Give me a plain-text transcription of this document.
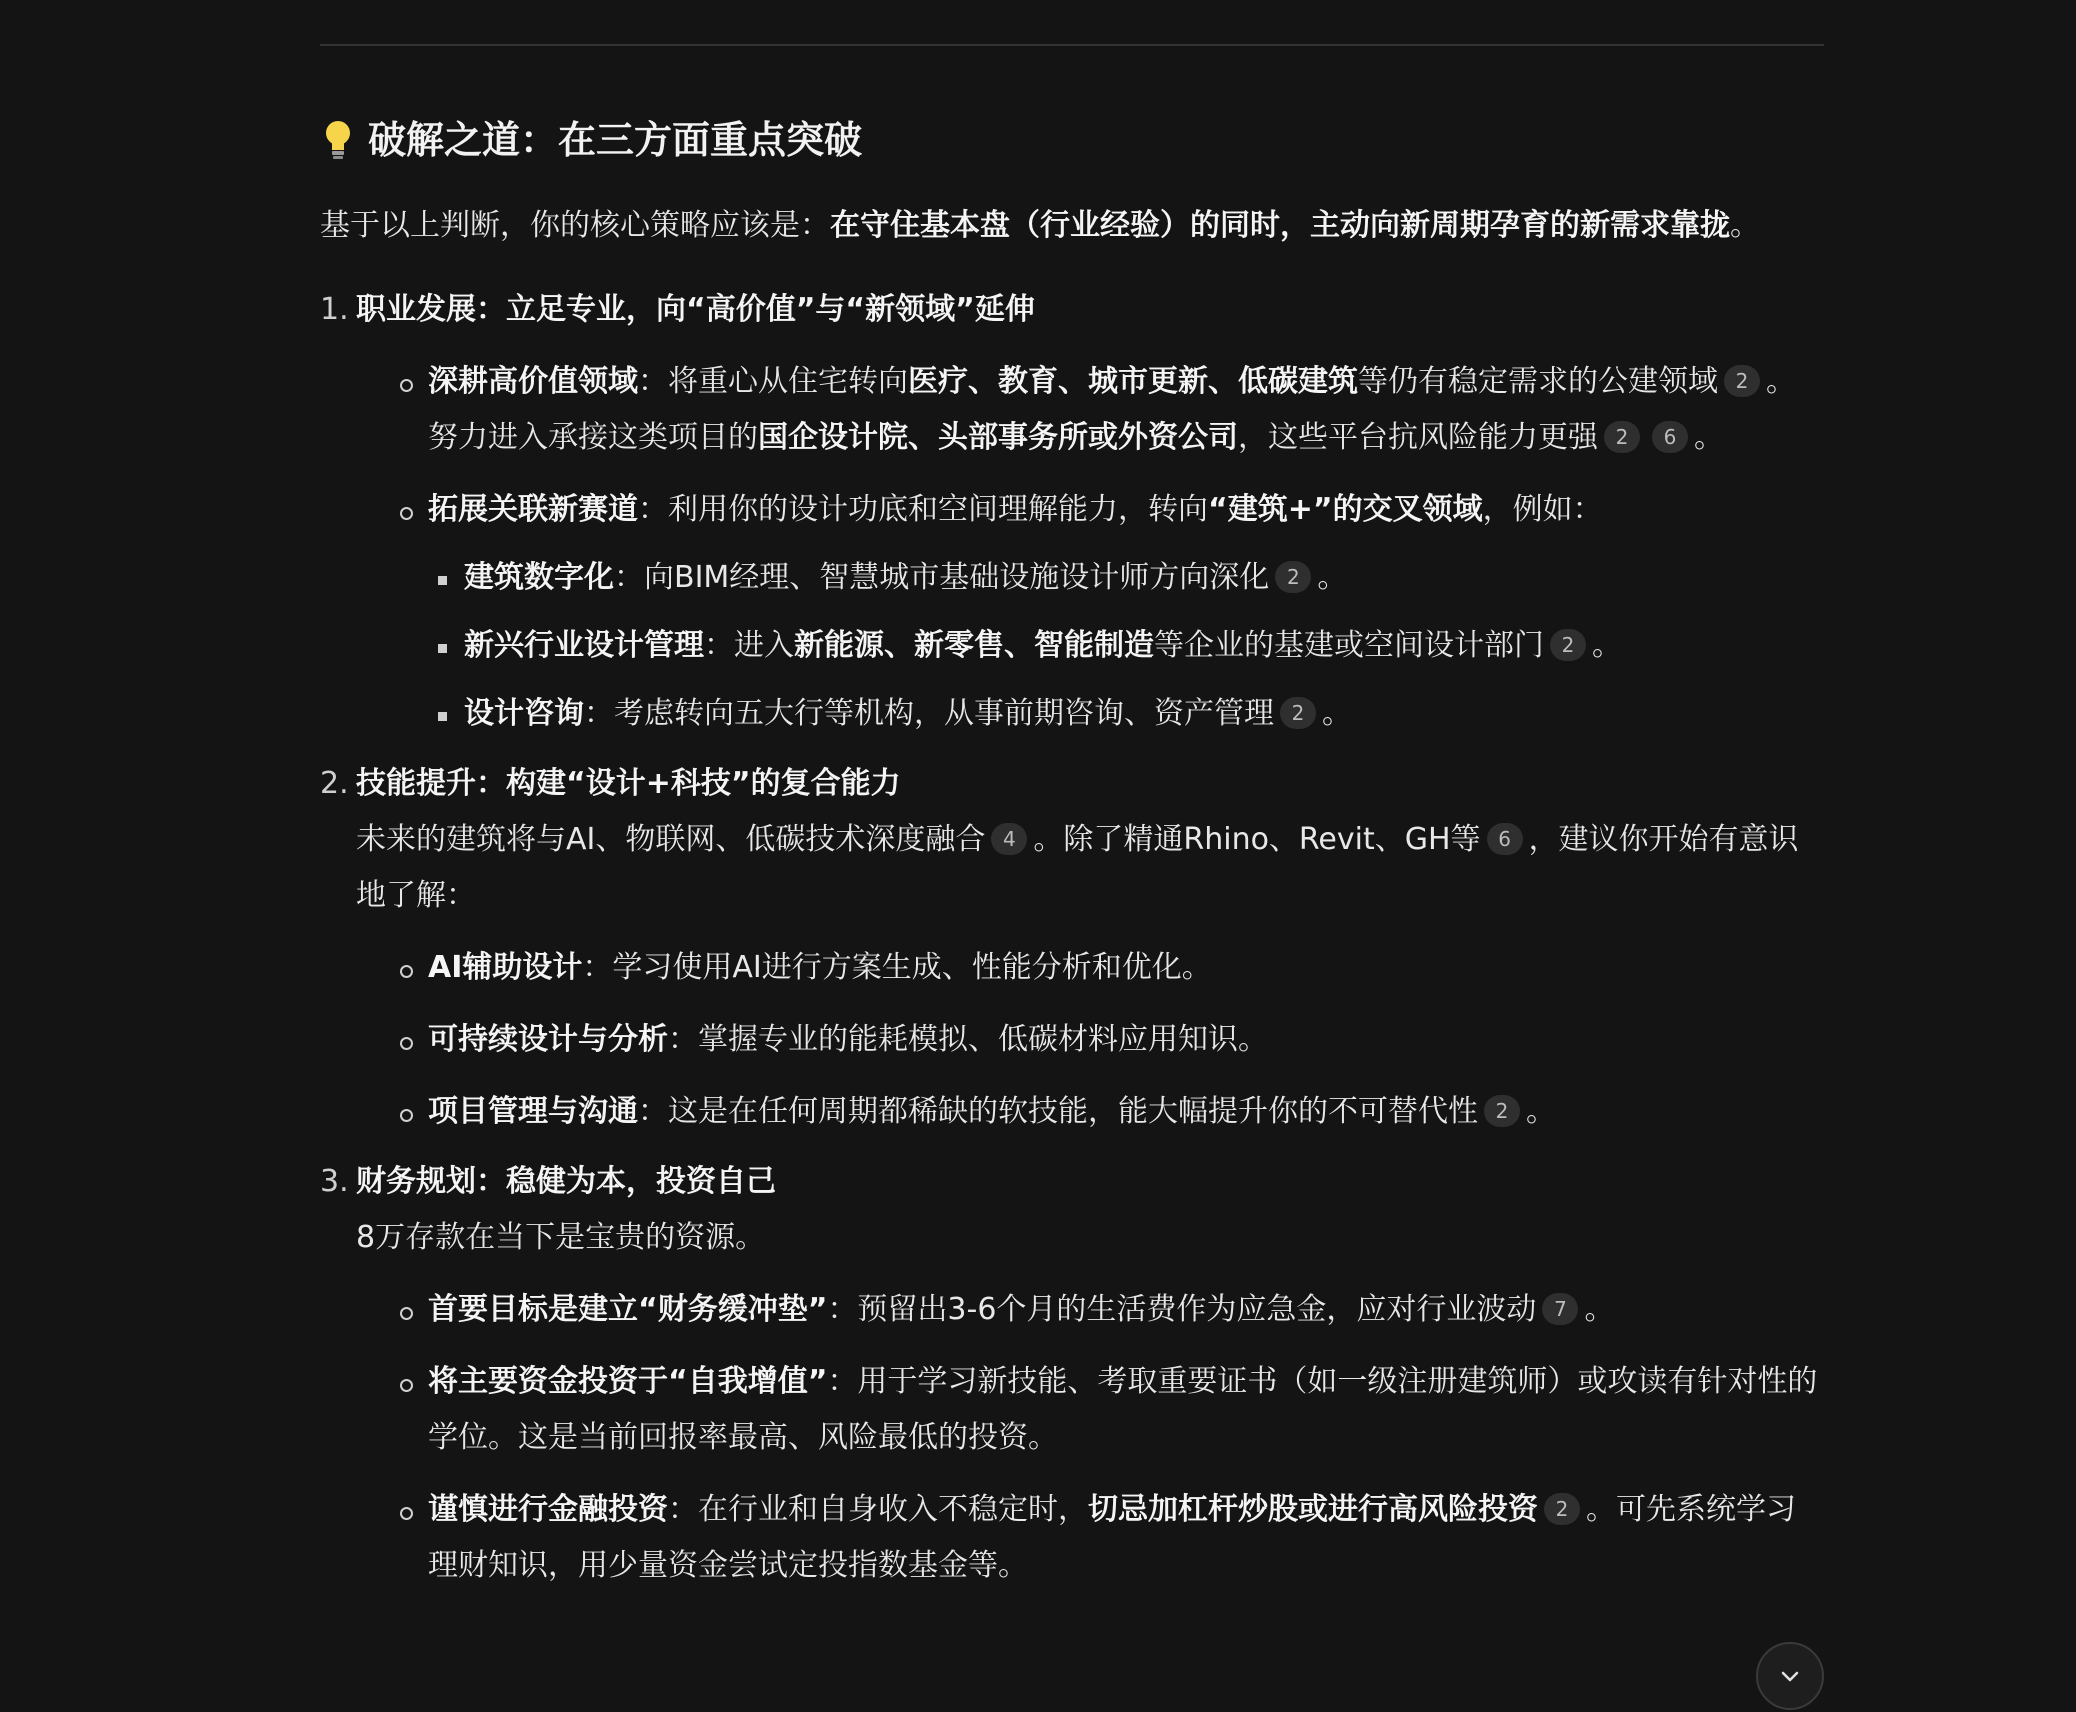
破解之道：在三方面重点突破

基于以上判断，你的核心策略应该是：在守住基本盘（行业经验）的同时，主动向新周期孕育的新需求靠拢。

1. 职业发展：立足专业，向“高价值”与“新领域”延伸
深耕高价值领域：将重心从住宅转向医疗、教育、城市更新、低碳建筑等仍有稳定需求的公建领域 2 。努力进入承接这类项目的国企设计院、头部事务所或外资公司，这些平台抗风险能力更强 2 6 。
拓展关联新赛道：利用你的设计功底和空间理解能力，转向“建筑+”的交叉领域，例如：
建筑数字化：向BIM经理、智慧城市基础设施设计师方向深化 2 。
新兴行业设计管理：进入新能源、新零售、智能制造等企业的基建或空间设计部门 2 。
设计咨询：考虑转向五大行等机构，从事前期咨询、资产管理 2 。
2. 技能提升：构建“设计+科技”的复合能力

未来的建筑将与AI、物联网、低碳技术深度融合 4 。除了精通Rhino、Revit、GH等 6 ，建议你开始有意识地了解：

AI辅助设计：学习使用AI进行方案生成、性能分析和优化。
可持续设计与分析：掌握专业的能耗模拟、低碳材料应用知识。
项目管理与沟通：这是在任何周期都稀缺的软技能，能大幅提升你的不可替代性 2 。
3. 财务规划：稳健为本，投资自己

8万存款在当下是宝贵的资源。

首要目标是建立“财务缓冲垫”：预留出3-6个月的生活费作为应急金，应对行业波动 7 。
将主要资金投资于“自我增值”：用于学习新技能、考取重要证书（如一级注册建筑师）或攻读有针对性的学位。这是当前回报率最高、风险最低的投资。
谨慎进行金融投资：在行业和自身收入不稳定时，切忌加杠杆炒股或进行高风险投资 2 。可先系统学习理财知识，用少量资金尝试定投指数基金等。
